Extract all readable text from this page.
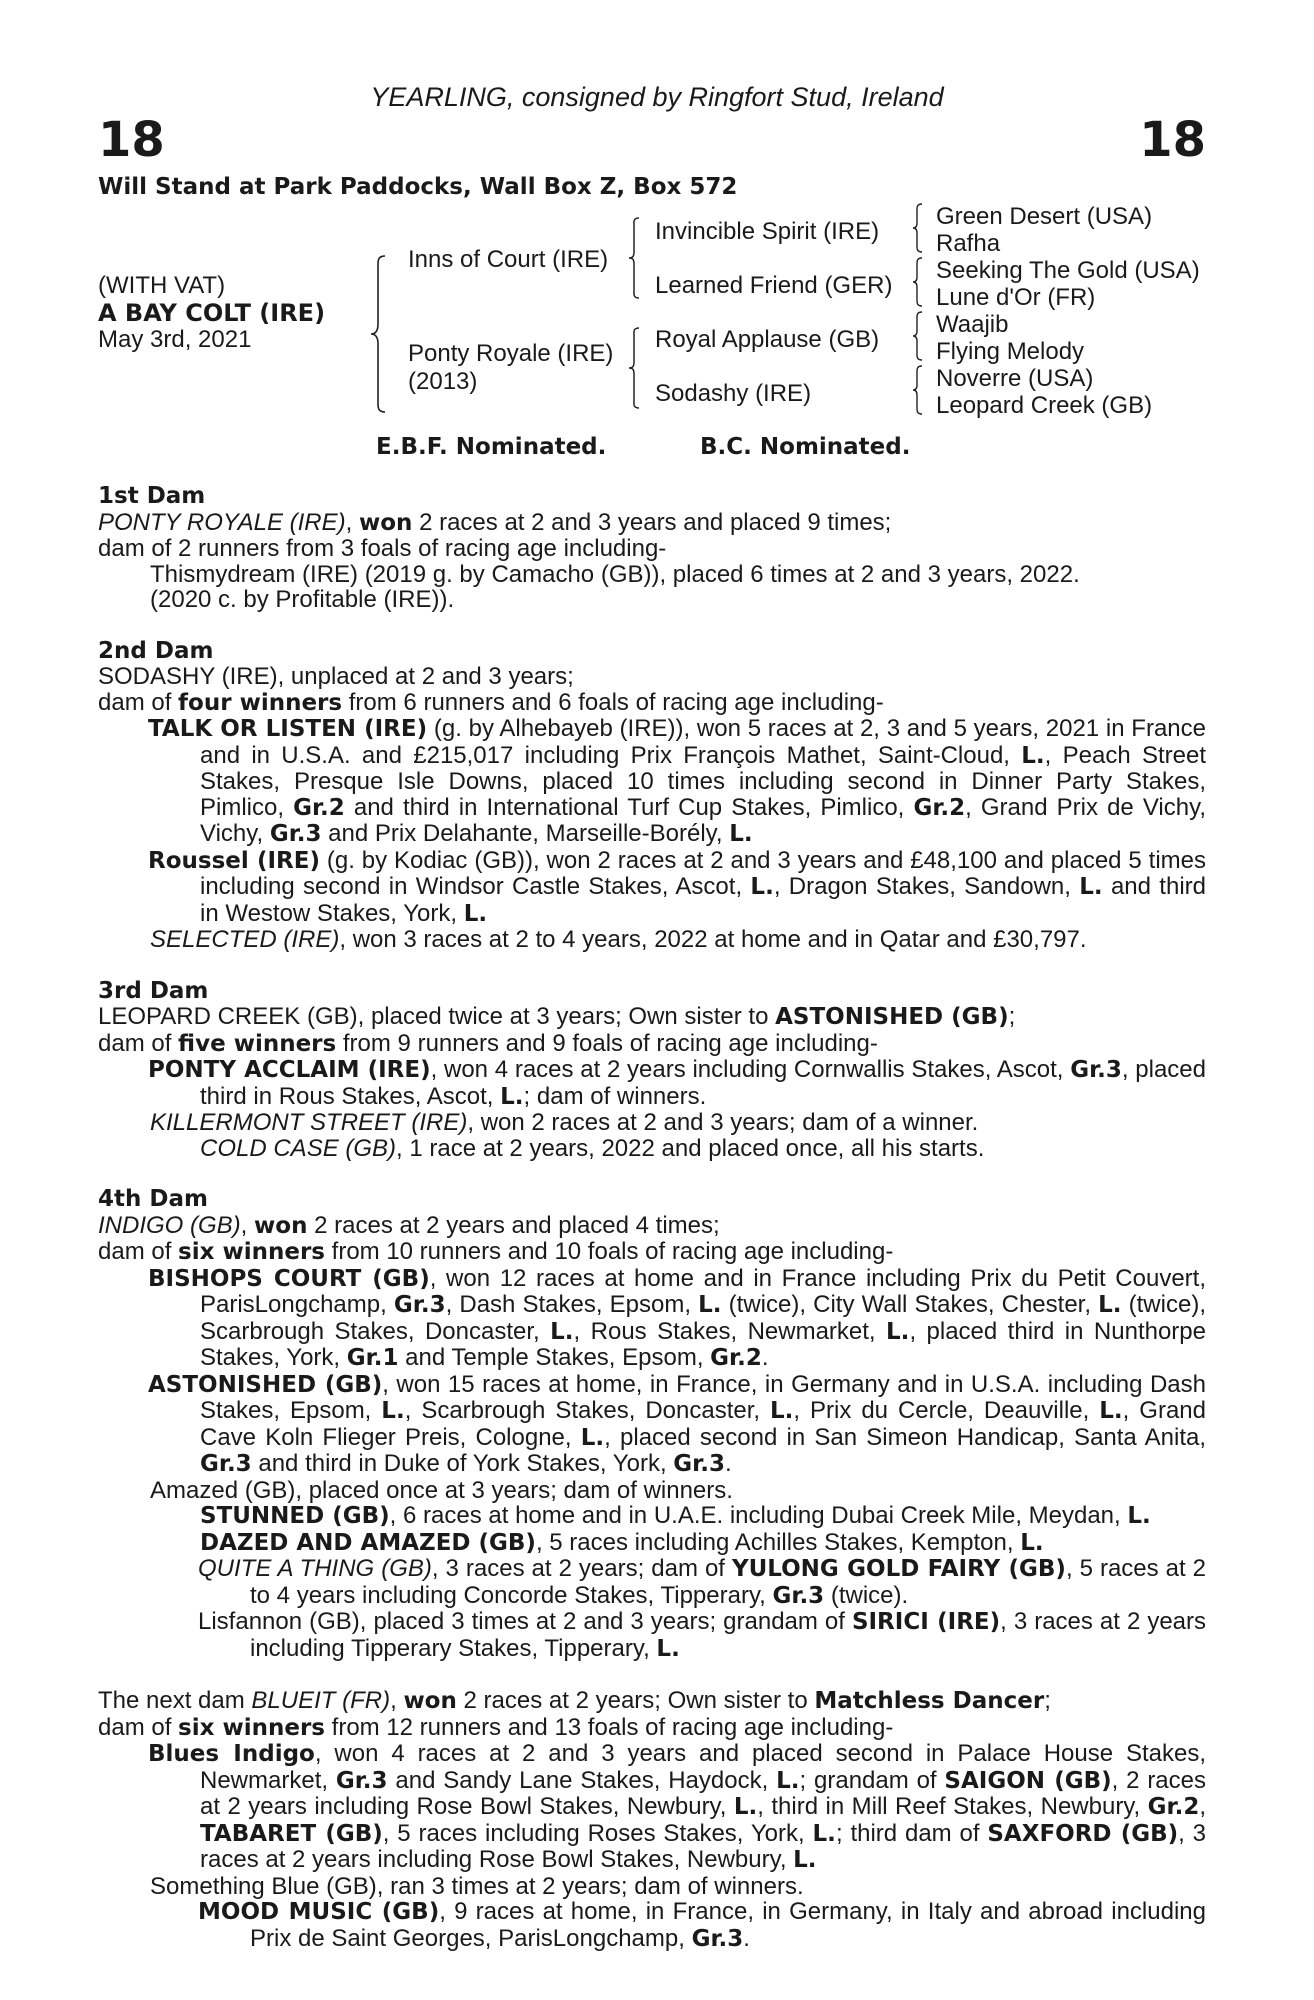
YEARLING, consigned by Ringfort Stud, Ireland
18	18
Will Stand at Park Paddocks, Wall Box Z, Box 572
(WITH VAT)
A BAY COLT (IRE)
May 3rd, 2021
Inns of Court (IRE)
Ponty Royale (IRE)
(2013)
Invincible Spirit (IRE)
Learned Friend (GER)
Royal Applause (GB)
Sodashy (IRE)
Green Desert (USA)
Rafha
Seeking The Gold (USA)
Lune d'Or (FR)
Waajib
Flying Melody
Noverre (USA)
Leopard Creek (GB)
E.B.F. Nominated.	B.C. Nominated.
1st Dam

PONTY ROYALE (IRE), won 2 races at 2 and 3 years and placed 9 times;

dam of 2 runners from 3 foals of racing age including-

Thismydream (IRE) (2019 g. by Camacho (GB)), placed 6 times at 2 and 3 years, 2022.

(2020 c. by Profitable (IRE)).

2nd Dam

SODASHY (IRE), unplaced at 2 and 3 years;

dam of four winners from 6 runners and 6 foals of racing age including-

TALK OR LISTEN (IRE) (g. by Alhebayeb (IRE)), won 5 races at 2, 3 and 5 years, 2021 in France and in U.S.A. and £215,017 including Prix François Mathet, Saint-Cloud, L., Peach Street Stakes, Presque Isle Downs, placed 10 times including second in Dinner Party Stakes, Pimlico, Gr.2 and third in International Turf Cup Stakes, Pimlico, Gr.2, Grand Prix de Vichy, Vichy, Gr.3 and Prix Delahante, Marseille-Borély, L.

Roussel (IRE) (g. by Kodiac (GB)), won 2 races at 2 and 3 years and £48,100 and placed 5 times including second in Windsor Castle Stakes, Ascot, L., Dragon Stakes, Sandown, L. and third in Westow Stakes, York, L.

SELECTED (IRE), won 3 races at 2 to 4 years, 2022 at home and in Qatar and £30,797.

3rd Dam

LEOPARD CREEK (GB), placed twice at 3 years; Own sister to ASTONISHED (GB);

dam of five winners from 9 runners and 9 foals of racing age including-

PONTY ACCLAIM (IRE), won 4 races at 2 years including Cornwallis Stakes, Ascot, Gr.3, placed third in Rous Stakes, Ascot, L.; dam of winners.

KILLERMONT STREET (IRE), won 2 races at 2 and 3 years; dam of a winner.

COLD CASE (GB), 1 race at 2 years, 2022 and placed once, all his starts.

4th Dam

INDIGO (GB), won 2 races at 2 years and placed 4 times;

dam of six winners from 10 runners and 10 foals of racing age including-

BISHOPS COURT (GB), won 12 races at home and in France including Prix du Petit Couvert, ParisLongchamp, Gr.3, Dash Stakes, Epsom, L. (twice), City Wall Stakes, Chester, L. (twice), Scarbrough Stakes, Doncaster, L., Rous Stakes, Newmarket, L., placed third in Nunthorpe Stakes, York, Gr.1 and Temple Stakes, Epsom, Gr.2.

ASTONISHED (GB), won 15 races at home, in France, in Germany and in U.S.A. including Dash Stakes, Epsom, L., Scarbrough Stakes, Doncaster, L., Prix du Cercle, Deauville, L., Grand Cave Koln Flieger Preis, Cologne, L., placed second in San Simeon Handicap, Santa Anita, Gr.3 and third in Duke of York Stakes, York, Gr.3.

Amazed (GB), placed once at 3 years; dam of winners.

STUNNED (GB), 6 races at home and in U.A.E. including Dubai Creek Mile, Meydan, L.

DAZED AND AMAZED (GB), 5 races including Achilles Stakes, Kempton, L.

QUITE A THING (GB), 3 races at 2 years; dam of YULONG GOLD FAIRY (GB), 5 races at 2 to 4 years including Concorde Stakes, Tipperary, Gr.3 (twice).

Lisfannon (GB), placed 3 times at 2 and 3 years; grandam of SIRICI (IRE), 3 races at 2 years including Tipperary Stakes, Tipperary, L.

The next dam BLUEIT (FR), won 2 races at 2 years; Own sister to Matchless Dancer;

dam of six winners from 12 runners and 13 foals of racing age including-

Blues Indigo, won 4 races at 2 and 3 years and placed second in Palace House Stakes, Newmarket, Gr.3 and Sandy Lane Stakes, Haydock, L.; grandam of SAIGON (GB), 2 races at 2 years including Rose Bowl Stakes, Newbury, L., third in Mill Reef Stakes, Newbury, Gr.2, TABARET (GB), 5 races including Roses Stakes, York, L.; third dam of SAXFORD (GB), 3 races at 2 years including Rose Bowl Stakes, Newbury, L.

Something Blue (GB), ran 3 times at 2 years; dam of winners.

MOOD MUSIC (GB), 9 races at home, in France, in Germany, in Italy and abroad including Prix de Saint Georges, ParisLongchamp, Gr.3.
